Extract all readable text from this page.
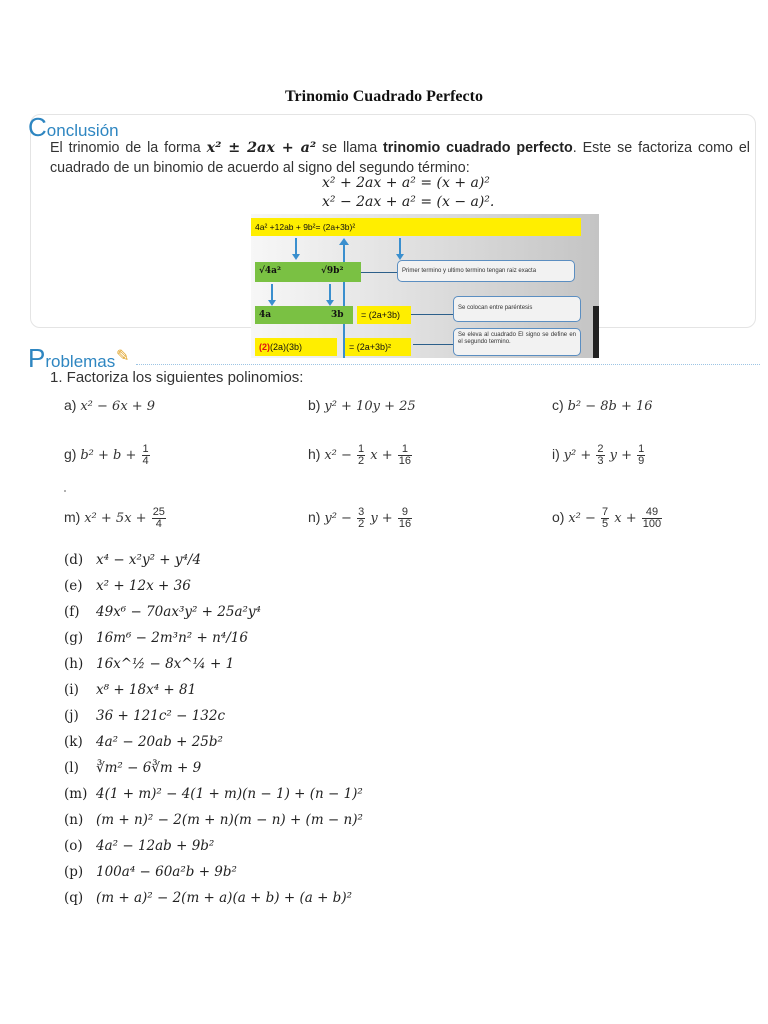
Trinomio Cuadrado Perfecto
Conclusión
El trinomio de la forma x² ± 2ax + a² se llama trinomio cuadrado perfecto. Este se factoriza como el cuadrado de un binomio de acuerdo al signo del segundo término:
x² + 2ax + a² = (x + a)²
x² − 2ax + a² = (x − a)².
4a² +12ab + 9b²= (2a+3b)²
√4a²	√9b²
4a	3b	= (2a+3b)
(2)(2a)(3b)	= (2a+3b)²
Primer termino y ultimo termino tengan raiz exacta
Se colocan entre paréntesis
Se eleva al cuadrado El signo se define en el segundo termino.
Problemas ✎
1. Factoriza los siguientes polinomios:
a) x² − 6x + 9	b) y² + 10y + 25	c) b² − 8b + 16
g) $b^2 + b + \frac{1}{4}$	h) $x^2 - \frac{1}{2}$ $x + \frac{1}{16}$	i) $y^2 + \frac{2}{3}$ $y + \frac{1}{9}$
m) $x^2 + 5x + \frac{25}{4}$	n) $y^2 - \frac{3}{2}$ $y + \frac{9}{16}$	o) $x^2 - \frac{7}{5}$ $x + \frac{49}{100}$
(d) x⁴ − x²y² + y⁴/4
(e) x² + 12x + 36
(f)	49x⁶ − 70ax³y² + 25a²y⁴
(g) 16m⁶ − 2m³n² + n⁴/16
(h) 16x^½ − 8x^¼ + 1
(i)	x⁸ + 18x⁴ + 81
(j)	36 + 121c² − 132c
(k) 4a² − 20ab + 25b²
(l)	∛m² − 6∛m + 9
(m) 4(1 + m)² − 4(1 + m)(n − 1) + (n − 1)²
(n) (m + n)² − 2(m + n)(m − n) + (m − n)²
(o) 4a² − 12ab + 9b²
(p) 100a⁴ − 60a²b + 9b²
(q) (m + a)² − 2(m + a)(a + b) + (a + b)²
